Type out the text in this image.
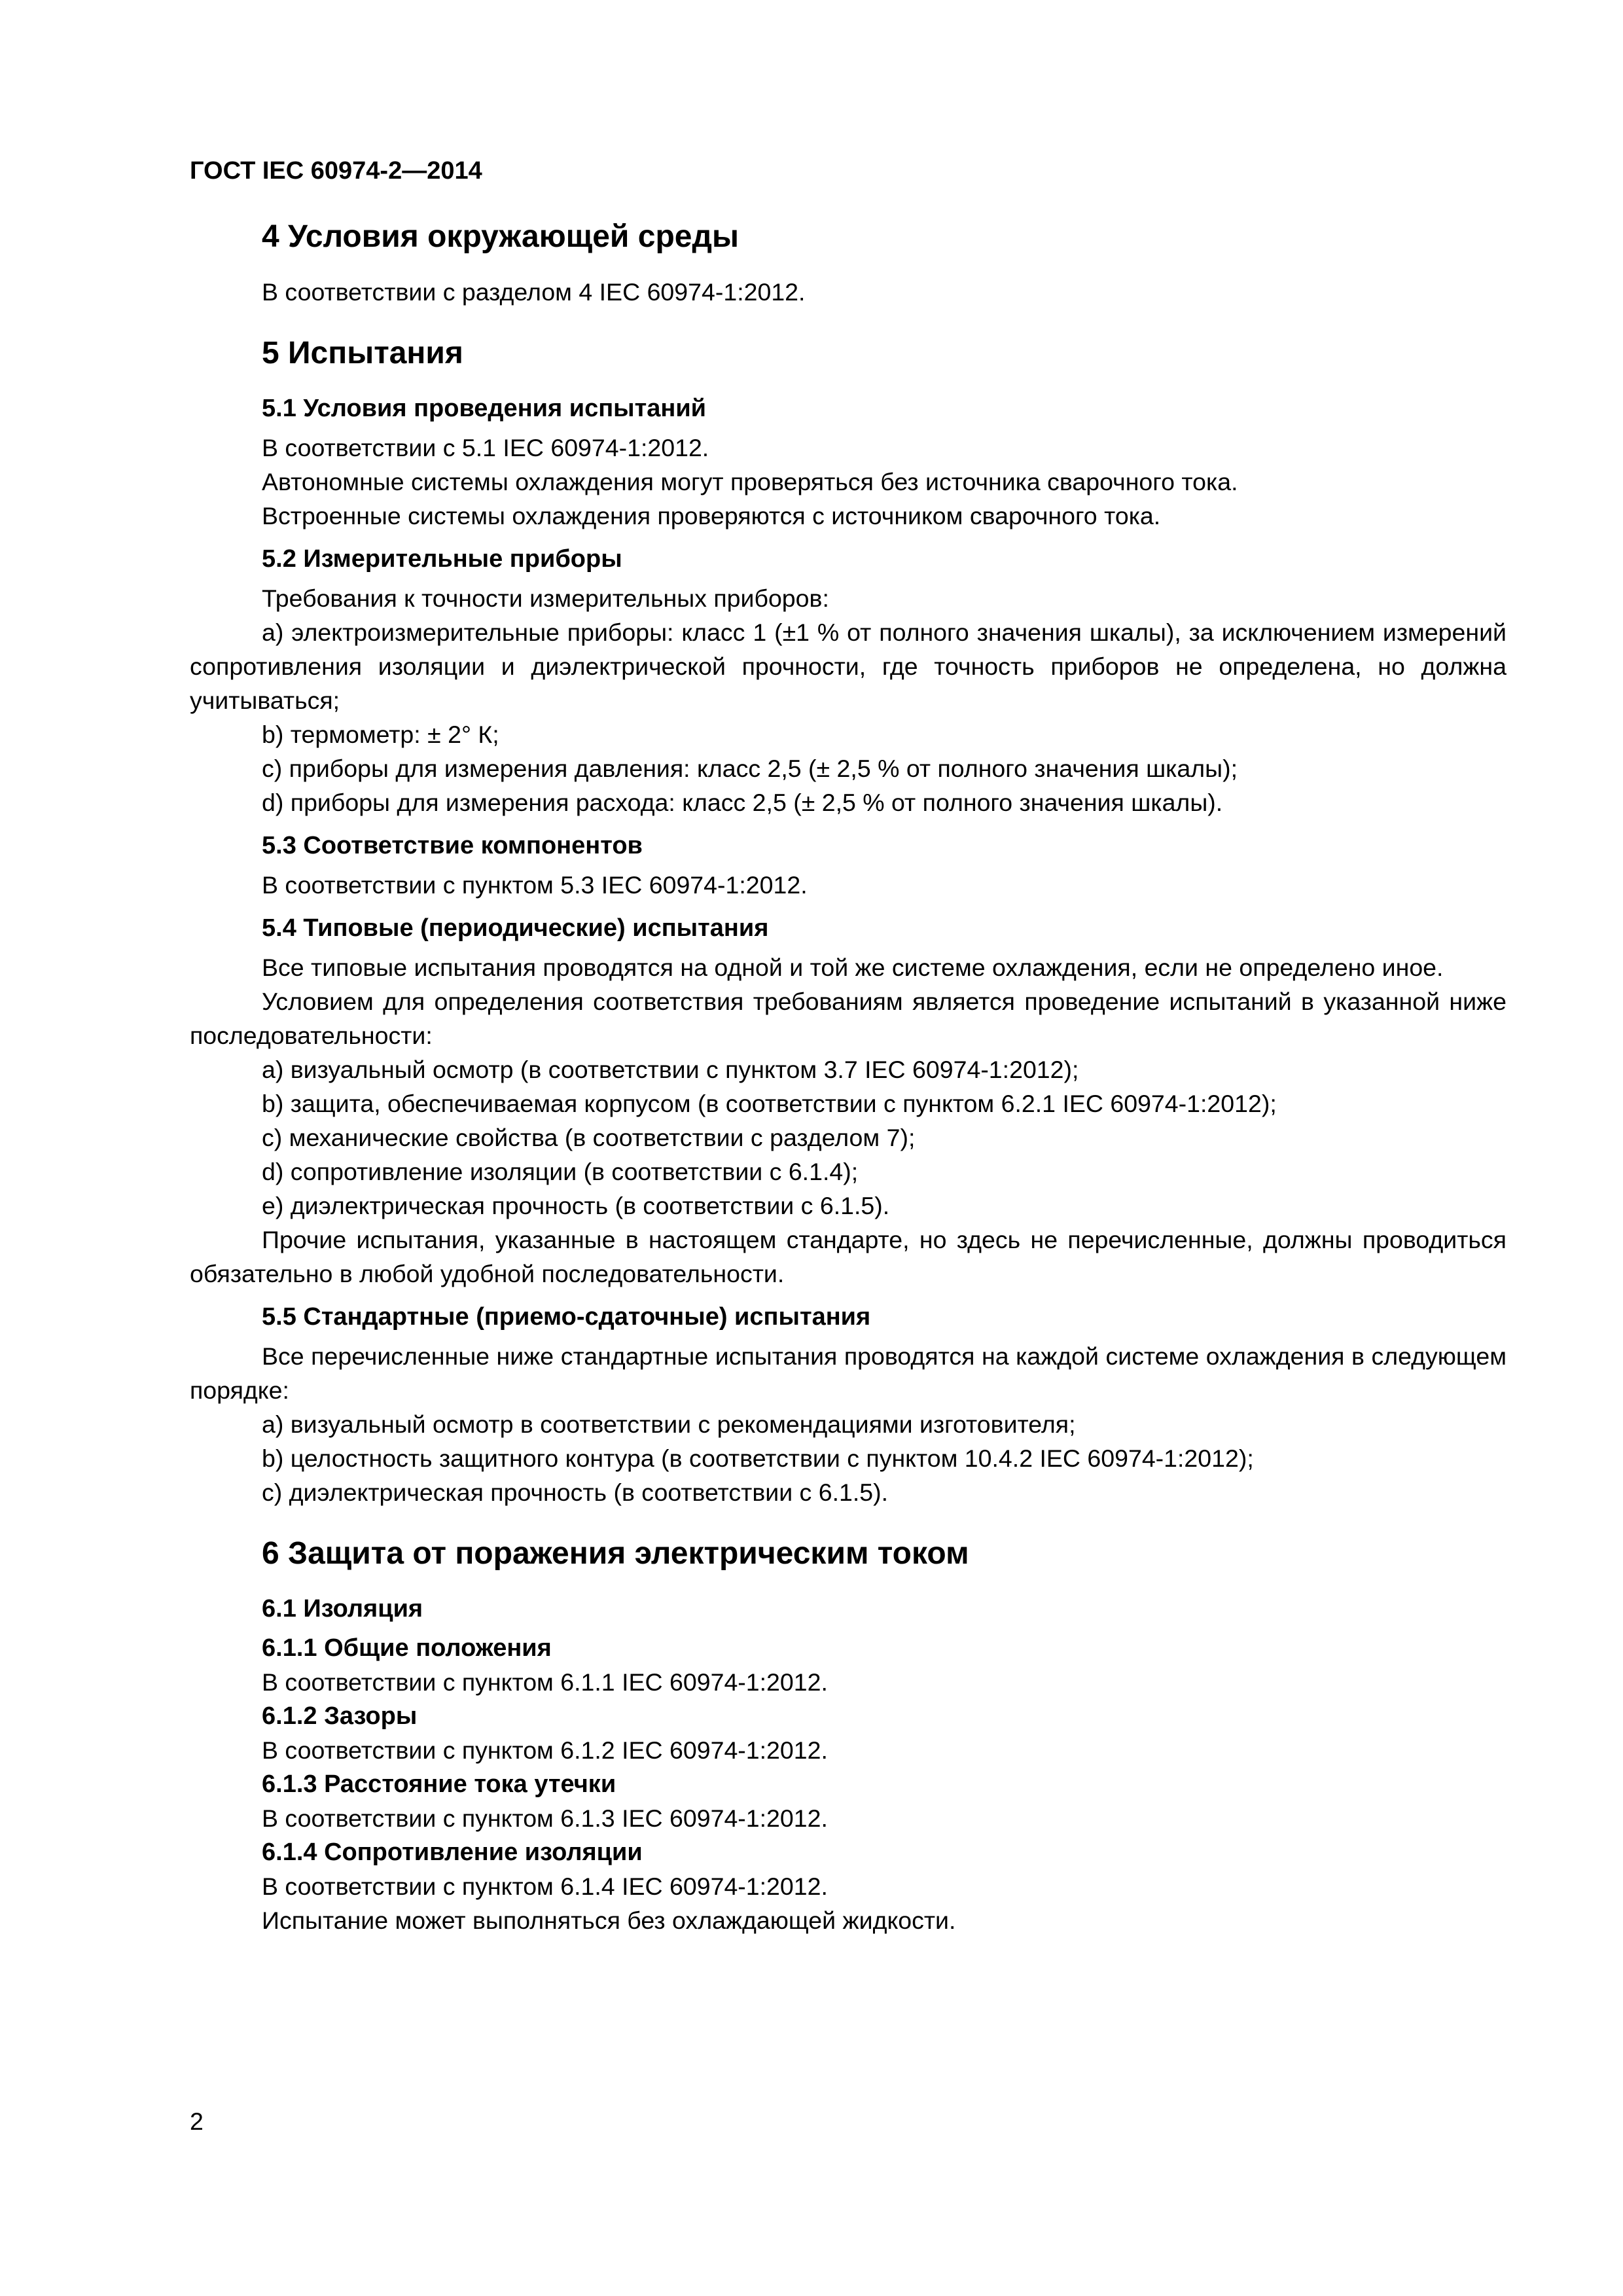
ГОСТ IEC 60974-2—2014
4 Условия окружающей среды

В соответствии с разделом 4 IEC 60974-1:2012.

5 Испытания
5.1 Условия проведения испытаний

В соответствии с 5.1 IEC 60974-1:2012.

Автономные системы охлаждения могут проверяться без источника сварочного тока.

Встроенные системы охлаждения проверяются с источником сварочного тока.

5.2 Измерительные приборы

Требования к точности измерительных приборов:

a) электроизмерительные приборы: класс 1 (±1 % от полного значения шкалы), за исключением измерений сопротивления изоляции и диэлектрической прочности, где точность приборов не определена, но должна учитываться;

b) термометр: ± 2° К;

c) приборы для измерения давления: класс 2,5 (± 2,5 % от полного значения шкалы);

d) приборы для измерения расхода: класс 2,5 (± 2,5 % от полного значения шкалы).

5.3 Соответствие компонентов

В соответствии с пунктом 5.3 IEC 60974-1:2012.

5.4 Типовые (периодические) испытания

Все типовые испытания проводятся на одной и той же системе охлаждения, если не определено иное.

Условием для определения соответствия требованиям является проведение испытаний в указанной ниже последовательности:

a) визуальный осмотр (в соответствии с пунктом 3.7 IEC 60974-1:2012);

b) защита, обеспечиваемая корпусом (в соответствии с пунктом 6.2.1 IEC 60974-1:2012);

c) механические свойства (в соответствии с разделом 7);

d) сопротивление изоляции (в соответствии с 6.1.4);

e) диэлектрическая прочность (в соответствии с 6.1.5).

Прочие испытания, указанные в настоящем стандарте, но здесь не перечисленные, должны проводиться обязательно в любой удобной последовательности.

5.5 Стандартные (приемо-сдаточные) испытания

Все перечисленные ниже стандартные испытания проводятся на каждой системе охлаждения в следующем порядке:

a) визуальный осмотр в соответствии с рекомендациями изготовителя;

b) целостность защитного контура (в соответствии с пунктом 10.4.2 IEC 60974-1:2012);

c) диэлектрическая прочность (в соответствии с 6.1.5).

6 Защита от поражения электрическим током
6.1 Изоляция
6.1.1 Общие положения

В соответствии с пунктом 6.1.1 IEC 60974-1:2012.

6.1.2 Зазоры

В соответствии с пунктом 6.1.2 IEC 60974-1:2012.

6.1.3 Расстояние тока утечки

В соответствии с пунктом 6.1.3 IEC 60974-1:2012.

6.1.4 Сопротивление изоляции

В соответствии с пунктом 6.1.4 IEC 60974-1:2012.

Испытание может выполняться без охлаждающей жидкости.

2
